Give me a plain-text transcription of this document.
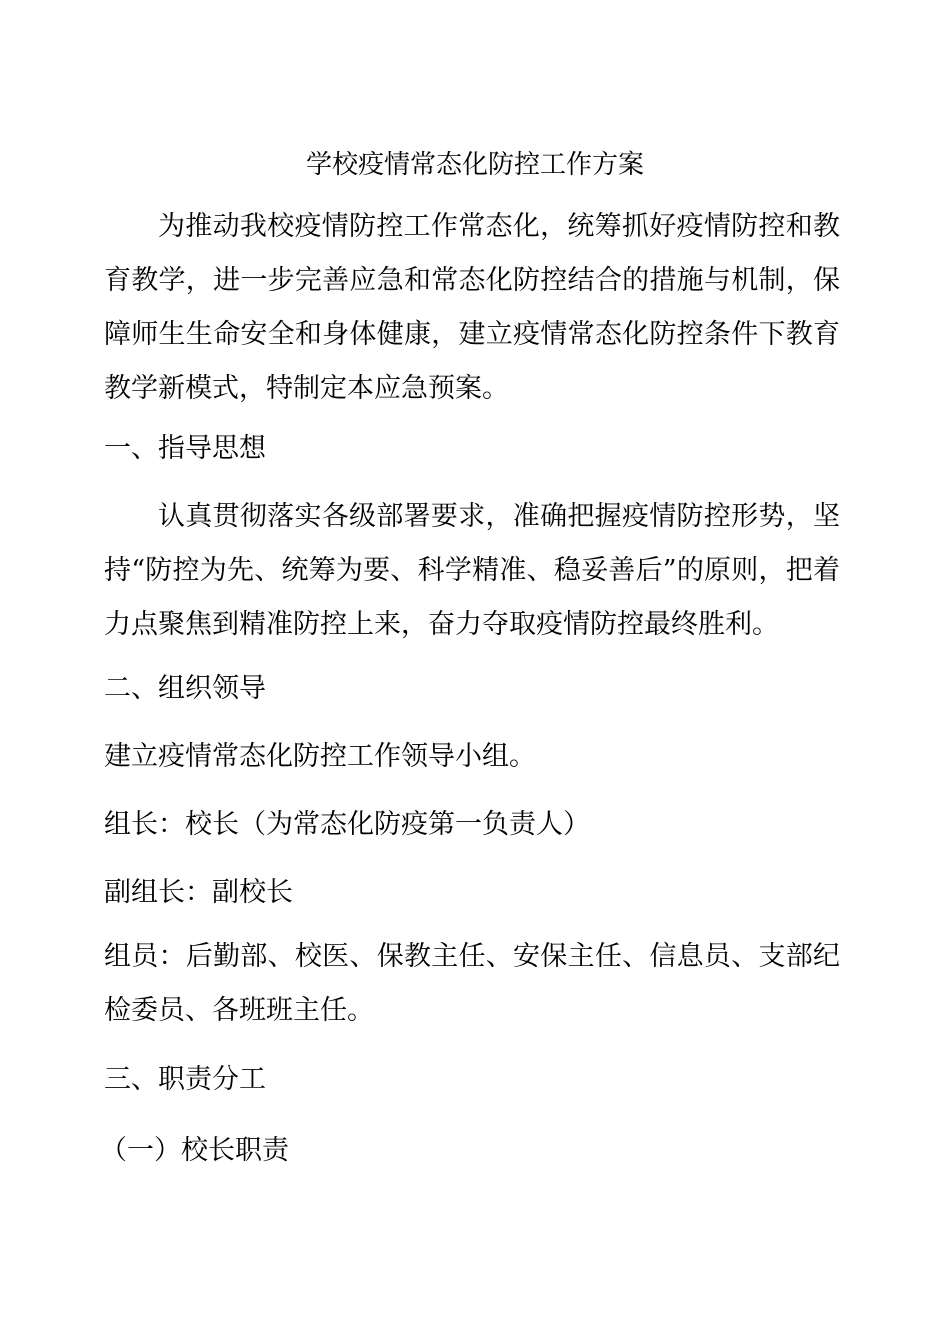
学校疫情常态化防控工作方案

为推动我校疫情防控工作常态化，统筹抓好疫情防控和教育教学，进一步完善应急和常态化防控结合的措施与机制，保障师生生命安全和身体健康，建立疫情常态化防控条件下教育教学新模式，特制定本应急预案。

一、指导思想

认真贯彻落实各级部署要求，准确把握疫情防控形势，坚持“防控为先、统筹为要、科学精准、稳妥善后”的原则，把着力点聚焦到精准防控上来，奋力夺取疫情防控最终胜利。

二、组织领导
建立疫情常态化防控工作领导小组。
组长：校长（为常态化防疫第一负责人）
副组长：副校长

组员：后勤部、校医、保教主任、安保主任、信息员、支部纪检委员、各班班主任。

三、职责分工
（一）校长职责
